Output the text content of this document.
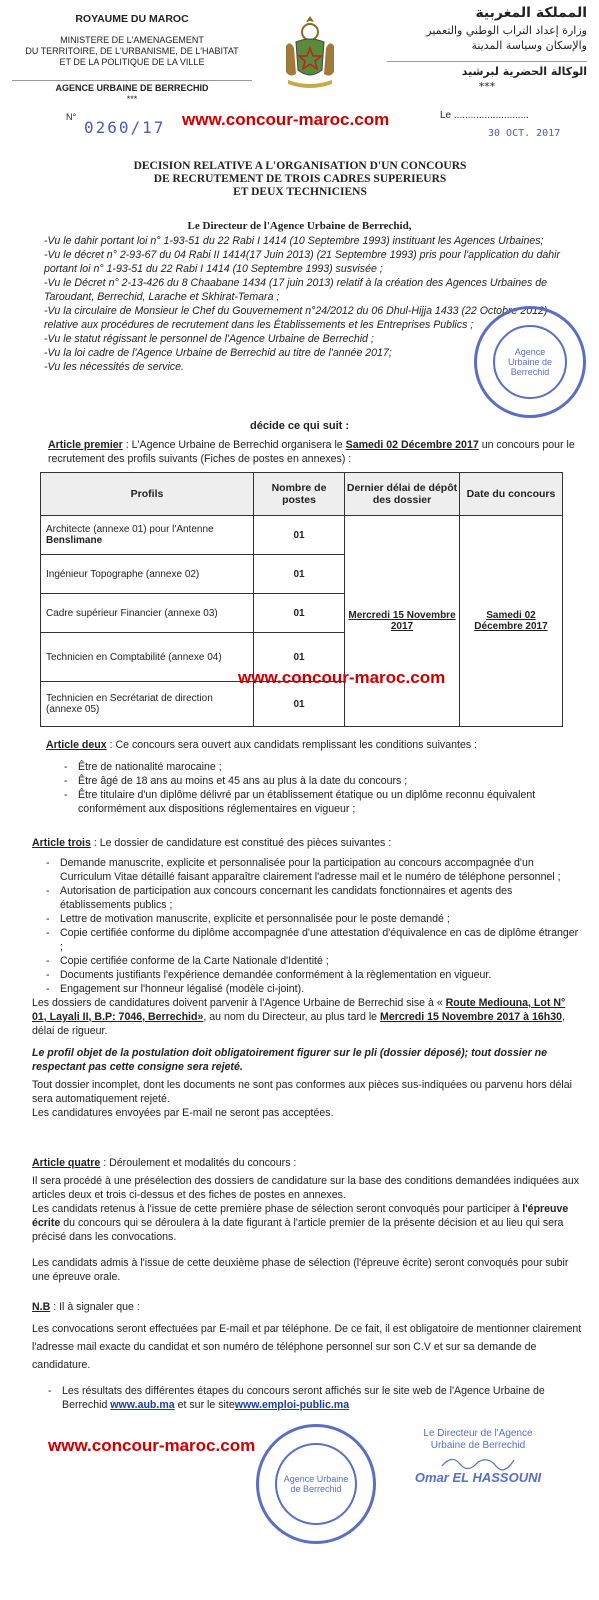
ROYAUME DU MAROC
MINISTERE DE L'AMENAGEMENT
DU TERRITOIRE, DE L'URBANISME, DE L'HABITAT
ET DE LA POLITIQUE DE LA VILLE
AGENCE URBAINE DE BERRECHID
***
المملكة المغربية
وزارة إعداد التراب الوطني والتعمير
والإسكان وسياسة المدينة
الوكالة الحضرية لبرشيد
***
N°
0260/17 www.concour-maroc.com	Le ...........................
30 OCT. 2017
DECISION RELATIVE A L'ORGANISATION D'UN CONCOURS
DE RECRUTEMENT DE TROIS CADRES SUPERIEURS
ET DEUX TECHNICIENS
Le Directeur de l'Agence Urbaine de Berrechid,

-Vu le dahir portant loi n° 1-93-51 du 22 Rabi I 1414 (10 Septembre 1993) instituant les Agences Urbaines;

-Vu le décret n° 2-93-67 du 04 Rabi II 1414(17 Juin 2013) (21 Septembre 1993) pris pour l'application du dahir portant loi n° 1-93-51 du 22 Rabi I 1414 (10 Septembre 1993) susvisée ;

-Vu le Décret n° 2-13-426 du 8 Chaabane 1434 (17 juin 2013) relatif à la création des Agences Urbaines de Taroudant, Berrechid, Larache et Skhirat-Temara ;

-Vu la circulaire de Monsieur le Chef du Gouvernement n°24/2012 du 06 Dhul-Hijja 1433 (22 Octobre 2012) relative aux procédures de recrutement dans les Établissements et les Entreprises Publics ;

-Vu le statut régissant le personnel de l'Agence Urbaine de Berrechid ;

-Vu la loi cadre de l'Agence Urbaine de Berrechid au titre de l'année 2017;

-Vu les nécessités de service.

Agence Urbaine de Berrechid
décide ce qui suit :
Article premier : L'Agence Urbaine de Berrechid organisera le Samedi 02 Décembre 2017 un concours pour le recrutement des profils suivants (Fiches de postes en annexes) :
Profils	Nombre de postes	Dernier délai de dépôt des dossier	Date du concours
Architecte (annexe 01) pour l'Antenne
Benslimane	01	Mercredi 15 Novembre 2017	Samedi 02 Décembre 2017
Ingénieur Topographe (annexe 02)	01		
Cadre supérieur Financier (annexe 03)	01		
Technicien en Comptabilité (annexe 04)	01		
Technicien en Secrétariat de direction (annexe 05)	01		
www.concour-maroc.com
Article deux : Ce concours sera ouvert aux candidats remplissant les conditions suivantes :
- Être de nationalité marocaine ;
- Être âgé de 18 ans au moins et 45 ans au plus à la date du concours ;
- Être titulaire d'un diplôme délivré par un établissement étatique ou un diplôme reconnu équivalent conformément aux dispositions réglementaires en vigueur ;
Article trois : Le dossier de candidature est constitué des pièces suivantes :
- Demande manuscrite, explicite et personnalisée pour la participation au concours accompagnée d'un Curriculum Vitae détaillé faisant apparaître clairement l'adresse mail et le numéro de téléphone personnel ;
- Autorisation de participation aux concours concernant les candidats fonctionnaires et agents des établissements publics ;
- Lettre de motivation manuscrite, explicite et personnalisée pour le poste demandé ;
- Copie certifiée conforme du diplôme accompagnée d'une attestation d'équivalence en cas de diplôme étranger ;
- Copie certifiée conforme de la Carte Nationale d'Identité ;
- Documents justifiants l'expérience demandée conformément à la règlementation en vigueur.
- Engagement sur l'honneur légalisé (modèle ci-joint).
Les dossiers de candidatures doivent parvenir à l'Agence Urbaine de Berrechid sise à « Route Mediouna, Lot N° 01, Layali II, B.P: 7046, Berrechid», au nom du Directeur, au plus tard le Mercredi 15 Novembre 2017 à 16h30, délai de rigueur.
Le profil objet de la postulation doit obligatoirement figurer sur le pli (dossier déposé); tout dossier ne respectant pas cette consigne sera rejeté.
Tout dossier incomplet, dont les documents ne sont pas conformes aux pièces sus-indiquées ou parvenu hors délai sera automatiquement rejeté.
Les candidatures envoyées par E-mail ne seront pas acceptées.
Article quatre : Déroulement et modalités du concours :
Il sera procédé à une présélection des dossiers de candidature sur la base des conditions demandées indiquées aux articles deux et trois ci-dessus et des fiches de postes en annexes.
Les candidats retenus à l'issue de cette première phase de sélection seront convoqués pour participer à l'épreuve écrite du concours qui se déroulera à la date figurant à l'article premier de la présente décision et au lieu qui sera précisé dans les convocations.
Les candidats admis à l'issue de cette deuxième phase de sélection (l'épreuve écrite) seront convoqués pour subir une épreuve orale.
N.B : Il à signaler que :
Les convocations seront effectuées par E-mail et par téléphone. De ce fait, il est obligatoire de mentionner clairement l'adresse mail exacte du candidat et son numéro de téléphone personnel sur son C.V et sur sa demande de candidature.
- Les résultats des différentes étapes du concours seront affichés sur le site web de l'Agence Urbaine de Berrechid www.aub.ma et sur le sitewww.emploi-public.ma
www.concour-maroc.com
Agence Urbaine de Berrechid
Le Directeur de l'Agence
Urbaine de Berrechid
Omar EL HASSOUNI
